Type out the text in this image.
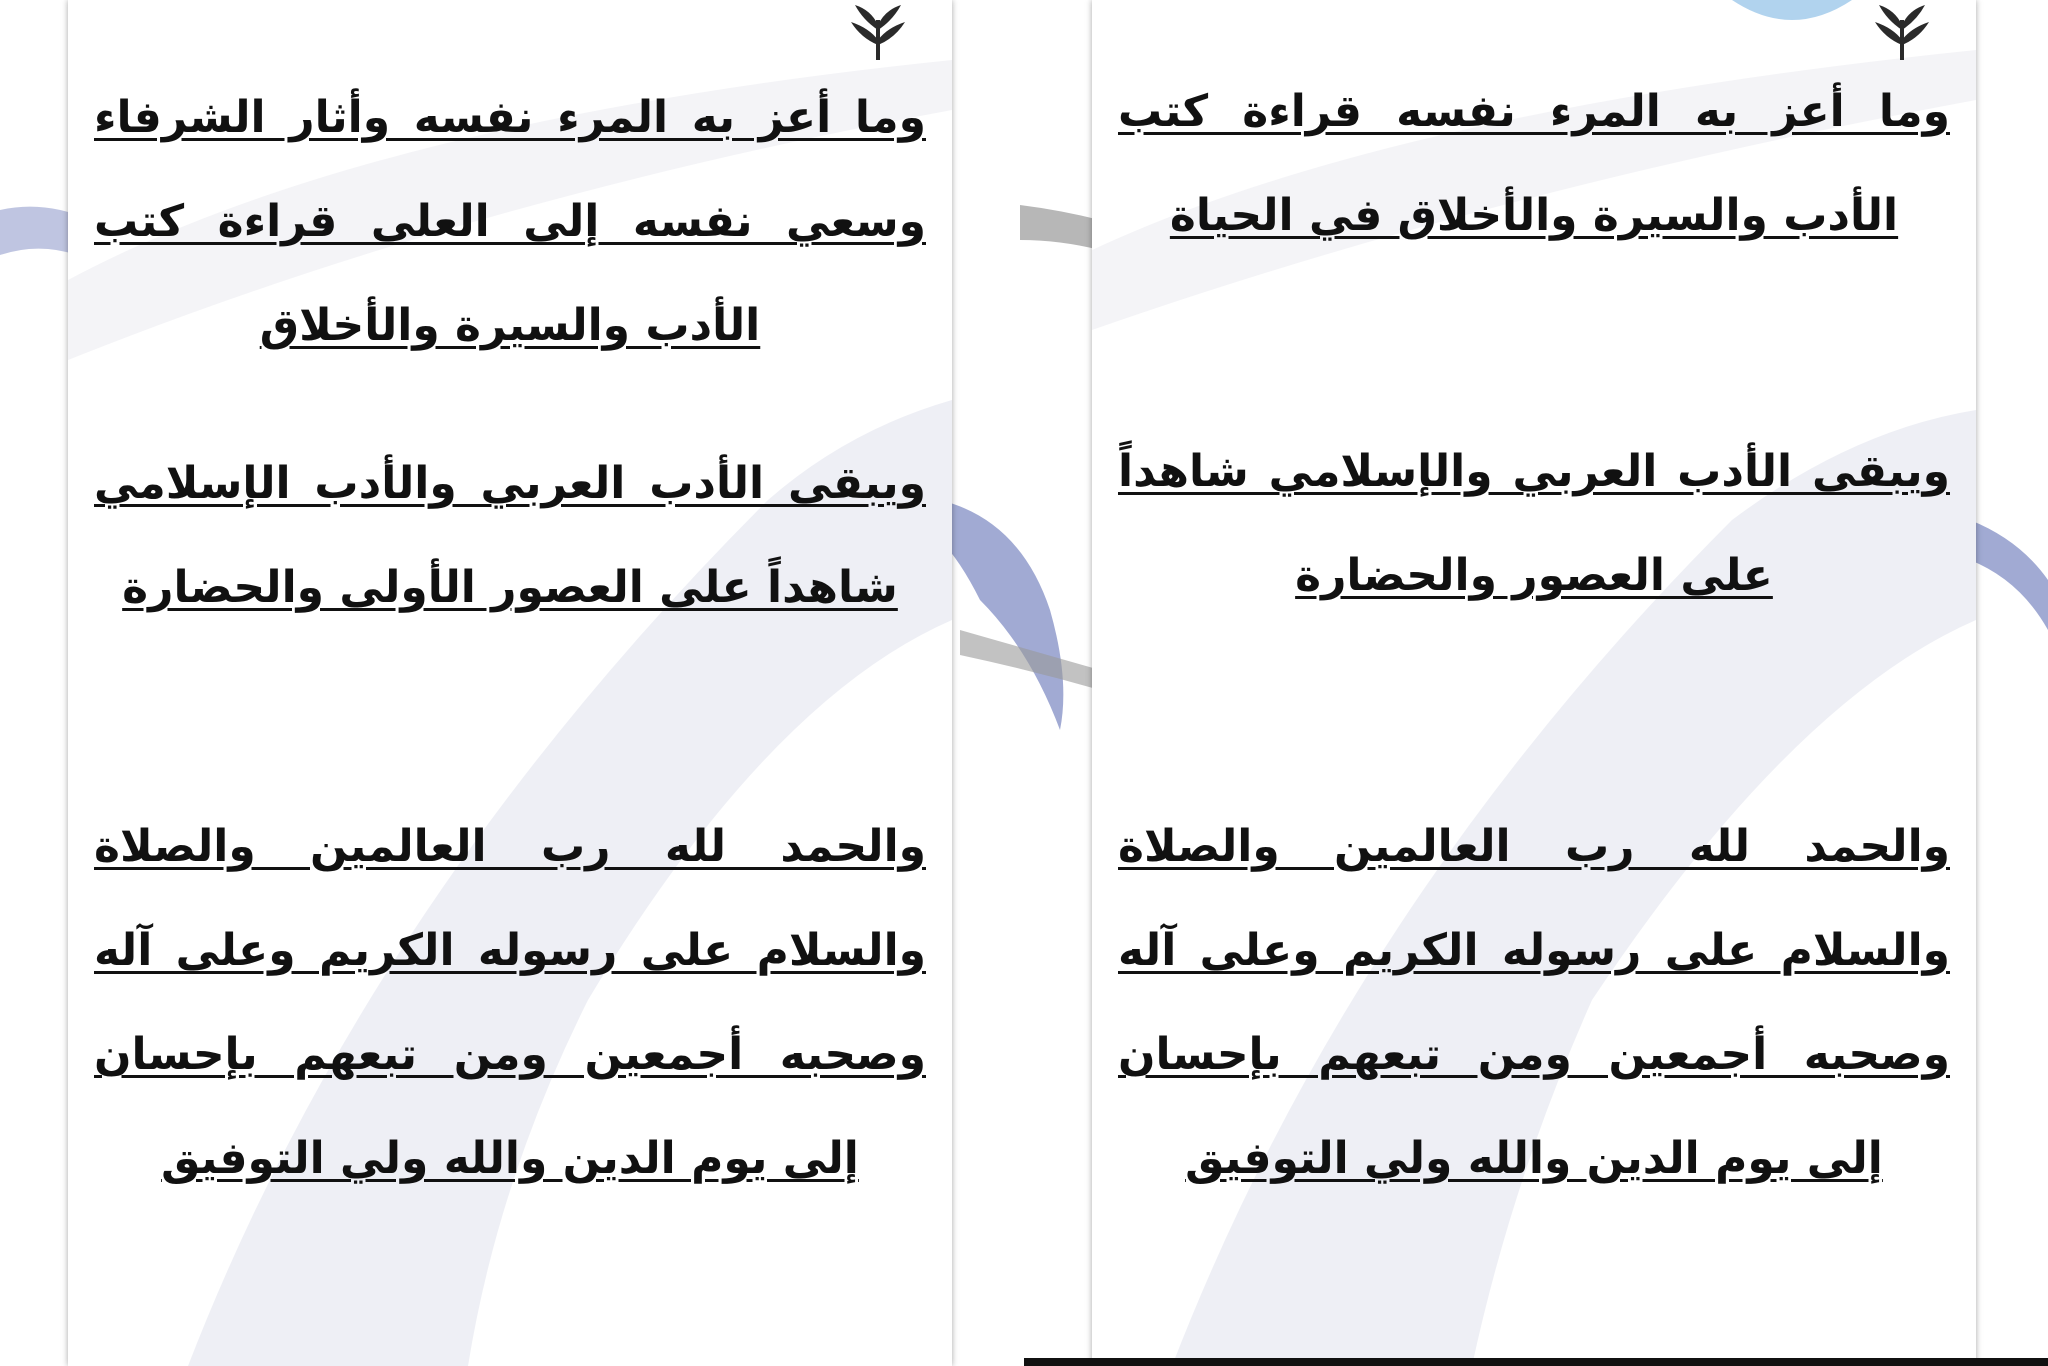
وما أعز به المرء نفسه وأثار الشرفاء وسعي نفسه إلى العلى قراءة كتب الأدب والسيرة والأخلاق
ويبقى الأدب العربي والأدب الإسلامي شاهداً على العصور الأولى والحضارة
والحمد لله رب العالمين والصلاة والسلام على رسوله الكريم وعلى آله وصحبه أجمعين ومن تبعهم بإحسان إلى يوم الدين والله ولي التوفيق
وما أعز به المرء نفسه قراءة كتب الأدب والسيرة والأخلاق في الحياة
ويبقى الأدب العربي والإسلامي شاهداً على العصور والحضارة
والحمد لله رب العالمين والصلاة والسلام على رسوله الكريم وعلى آله وصحبه أجمعين ومن تبعهم بإحسان إلى يوم الدين والله ولي التوفيق
